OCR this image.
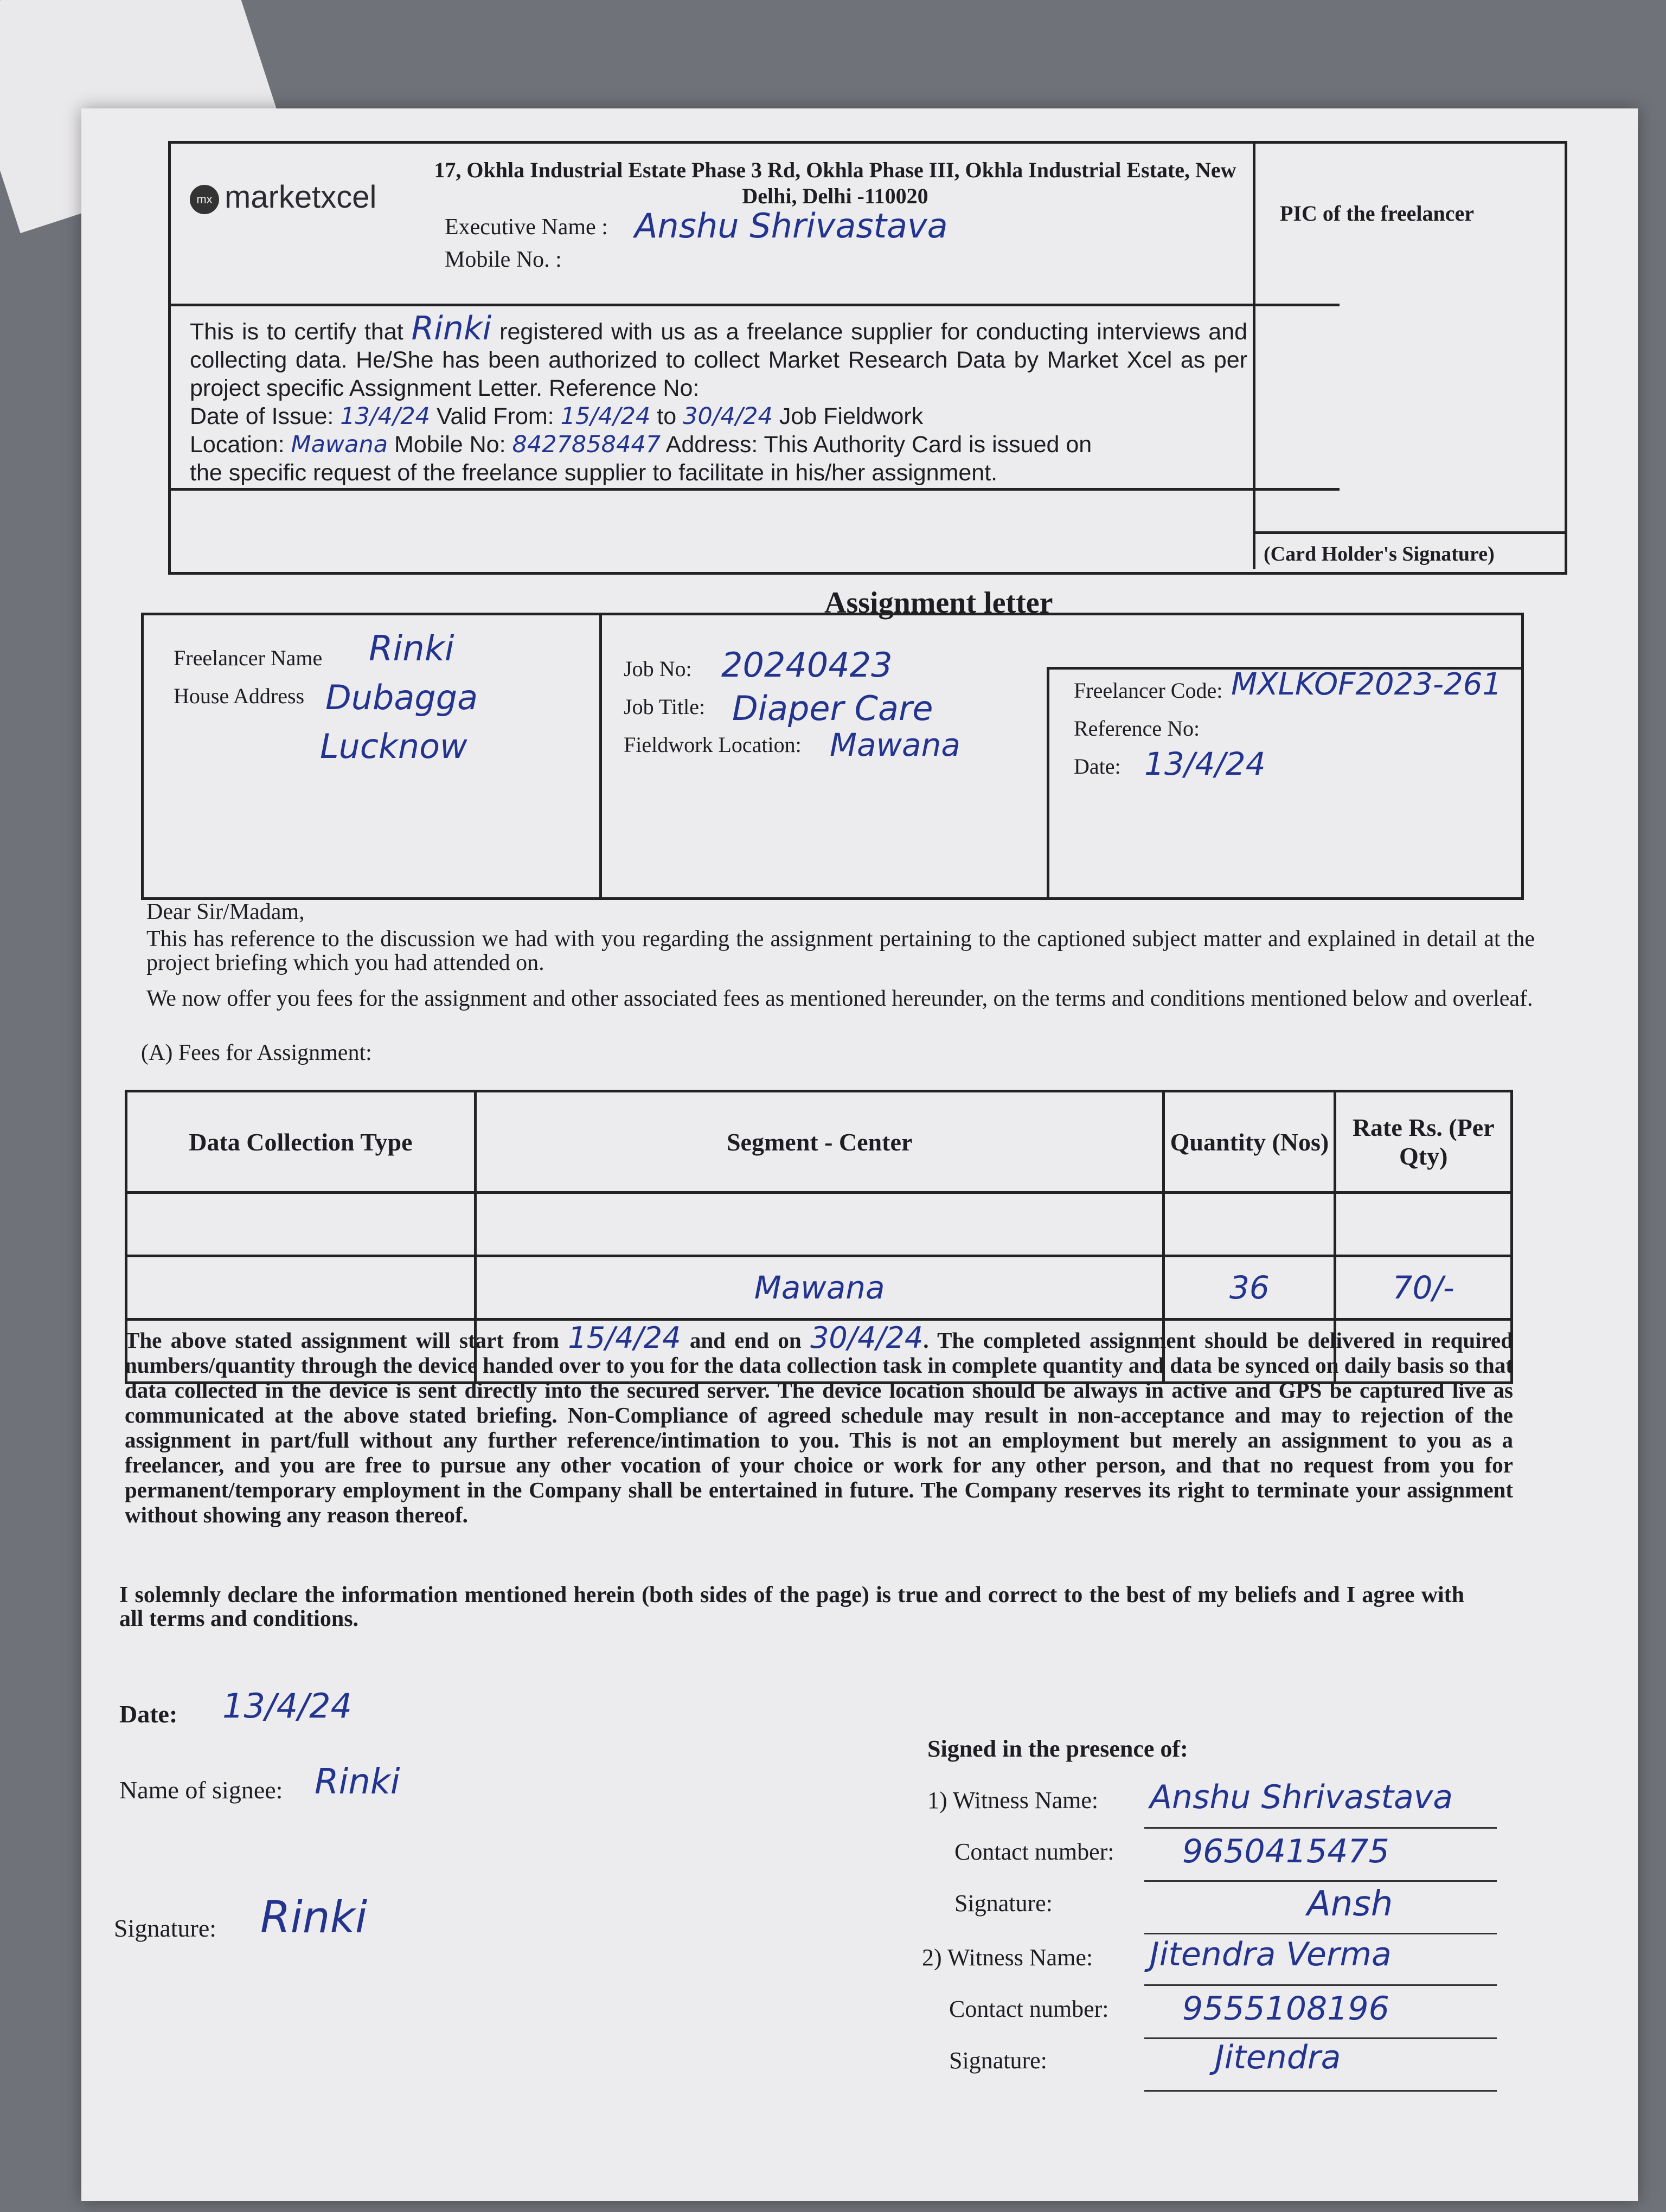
mx marketxcel
17, Okhla Industrial Estate Phase 3 Rd, Okhla Phase III, Okhla Industrial Estate, New Delhi, Delhi -110020
Executive Name : Anshu Shrivastava
Mobile No. :
PIC of the freelancer
(Card Holder's Signature)
This is to certify that Rinki registered with us as a freelance supplier for conducting interviews and collecting data. He/She has been authorized to collect Market Research Data by Market Xcel as per project specific Assignment Letter. Reference No:
Date of Issue: 13/4/24 Valid From: 15/4/24 to 30/4/24 Job Fieldwork
Location: Mawana Mobile No: 8427858447 Address: This Authority Card is issued on
the specific request of the freelance supplier to facilitate in his/her assignment.
Assignment letter
Freelancer Name Rinki
House Address Dubagga
Lucknow
Job No: 20240423
Job Title: Diaper Care
Fieldwork Location: Mawana
Freelancer Code: MXLKOF2023-261
Reference No:
Date: 13/4/24
Dear Sir/Madam,
This has reference to the discussion we had with you regarding the assignment pertaining to the captioned subject matter and explained in detail at the project briefing which you had attended on.
We now offer you fees for the assignment and other associated fees as mentioned hereunder, on the terms and conditions mentioned below and overleaf.
(A) Fees for Assignment:
Data Collection Type	Segment - Center	Quantity (Nos)	Rate Rs. (Per Qty)

	Mawana	36	70/-

The above stated assignment will start from 15/4/24 and end on 30/4/24. The completed assignment should be delivered in required numbers/quantity through the device handed over to you for the data collection task in complete quantity and data be synced on daily basis so that data collected in the device is sent directly into the secured server. The device location should be always in active and GPS be captured live as communicated at the above stated briefing. Non-Compliance of agreed schedule may result in non-acceptance and may to rejection of the assignment in part/full without any further reference/intimation to you. This is not an employment but merely an assignment to you as a freelancer, and you are free to pursue any other vocation of your choice or work for any other person, and that no request from you for permanent/temporary employment in the Company shall be entertained in future. The Company reserves its right to terminate your assignment without showing any reason thereof.
I solemnly declare the information mentioned herein (both sides of the page) is true and correct to the best of my beliefs and I agree with all terms and conditions.
Date: 13/4/24
Name of signee: Rinki
Signature: Rinki
Signed in the presence of:
1) Witness Name: Anshu Shrivastava
Contact number: 9650415475
Signature:	Ansh
2) Witness Name: Jitendra Verma
Contact number: 9555108196
Signature:	Jitendra
